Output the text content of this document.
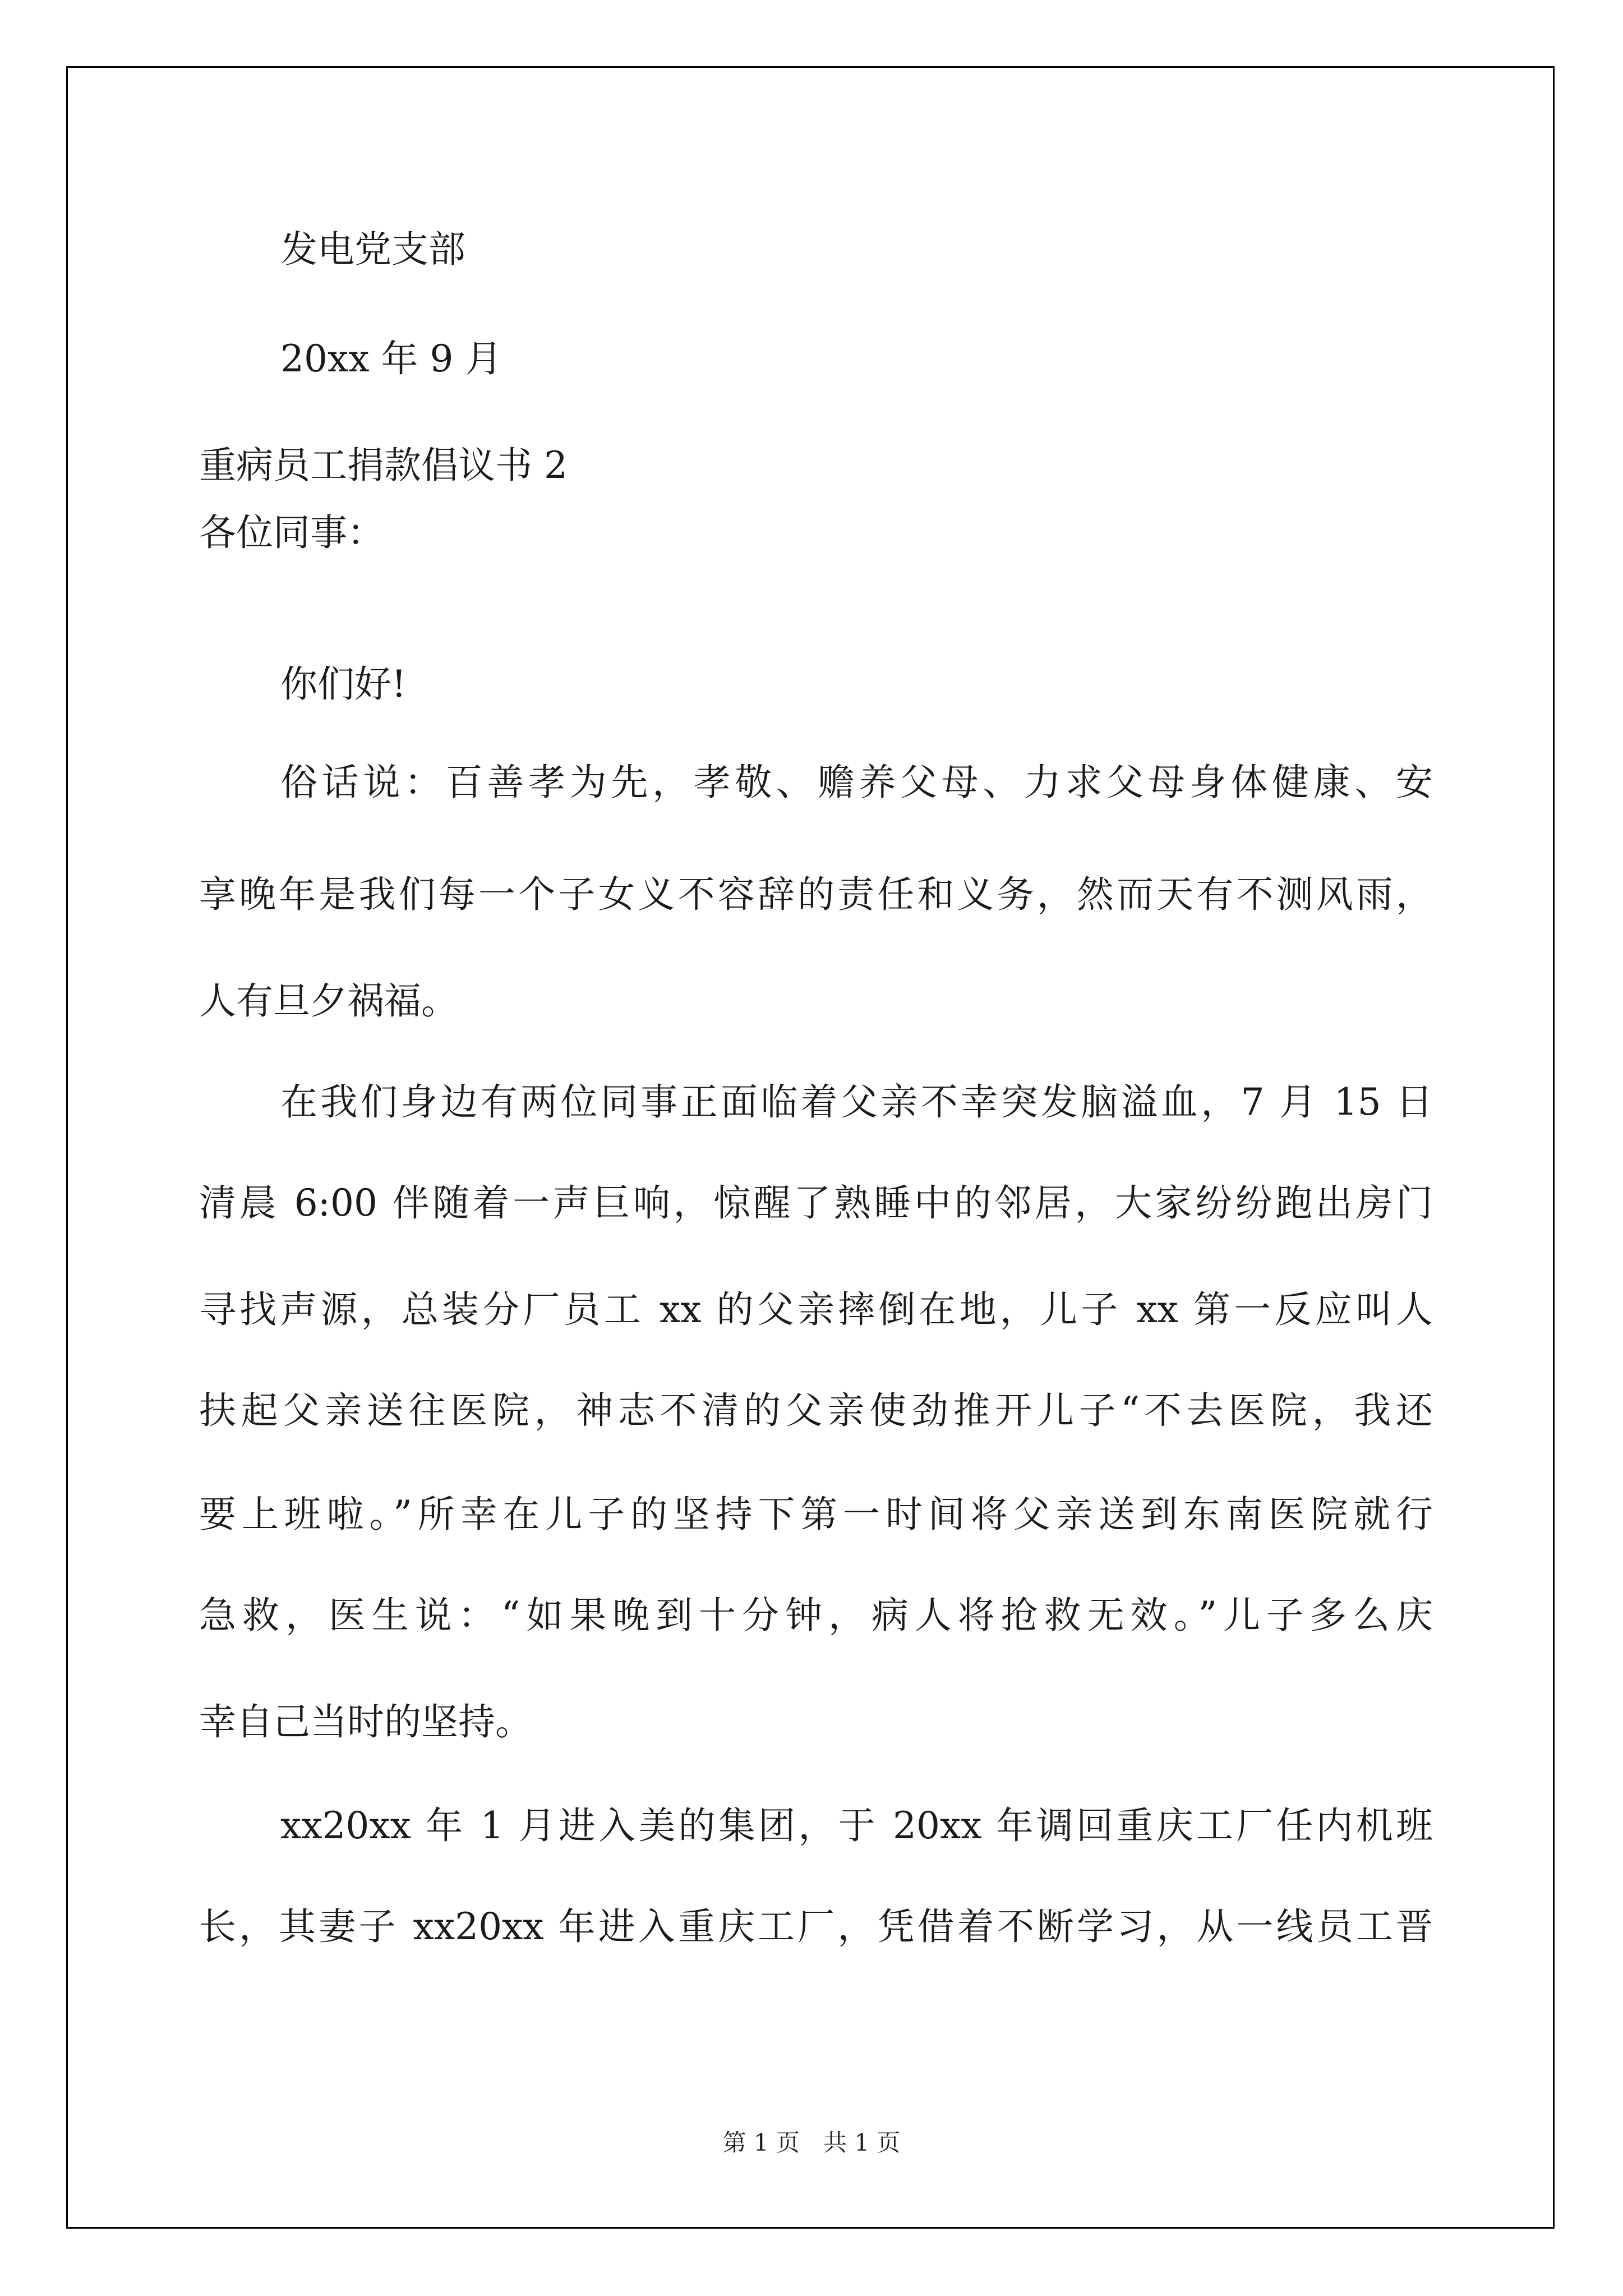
发电党支部
20xx 年 9 月
重病员工捐款倡议书 2
各位同事：
你们好!
俗话说：百善孝为先，孝敬、赡养父母、力求父母身体健康、安
享晚年是我们每一个子女义不容辞的责任和义务，然而天有不测风雨，
人有旦夕祸福。
在我们身边有两位同事正面临着父亲不幸突发脑溢血，7 月 15 日
清晨 6:00 伴随着一声巨响，惊醒了熟睡中的邻居，大家纷纷跑出房门
寻找声源，总装分厂员工 xx 的父亲摔倒在地，儿子 xx 第一反应叫人
扶起父亲送往医院，神志不清的父亲使劲推开儿子“不去医院，我还
要上班啦。”所幸在儿子的坚持下第一时间将父亲送到东南医院就行
急救，医生说：“如果晚到十分钟，病人将抢救无效。”儿子多么庆
幸自己当时的坚持。
xx20xx 年 1 月进入美的集团，于 20xx 年调回重庆工厂任内机班
长，其妻子 xx20xx 年进入重庆工厂，凭借着不断学习，从一线员工晋
第 1 页　共 1 页
